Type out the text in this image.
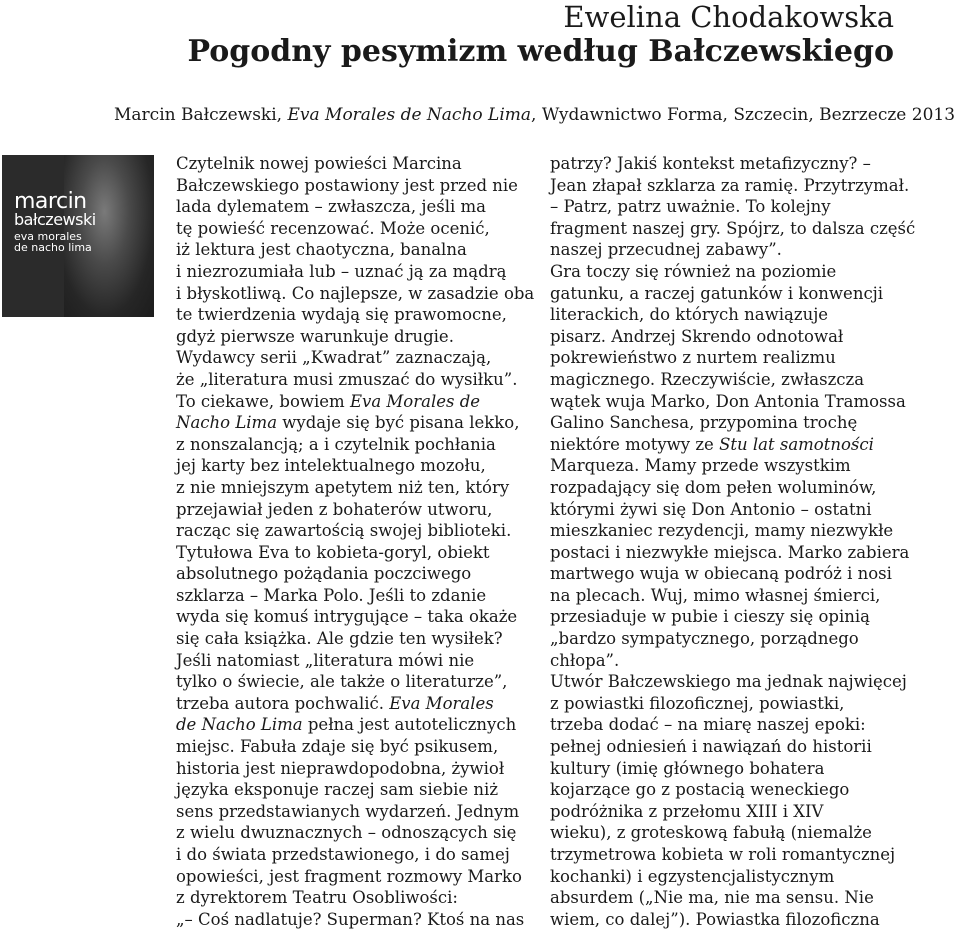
Ewelina Chodakowska
Pogodny pesymizm według Bałczewskiego

Marcin Bałczewski, Eva Morales de Nacho Lima, Wydawnictwo Forma, Szczecin, Bezrzecze 2013

marcin
bałczewski
eva morales
de nacho lima
Czytelnik nowej powieści Marcina
Bałczewskiego postawiony jest przed nie
lada dylematem – zwłaszcza, jeśli ma
tę powieść recenzować. Może ocenić,
iż lektura jest chaotyczna, banalna
i niezrozumiała lub – uznać ją za mądrą
i błyskotliwą. Co najlepsze, w zasadzie oba
te twierdzenia wydają się prawomocne,
gdyż pierwsze warunkuje drugie.
Wydawcy serii „Kwadrat” zaznaczają,
że „literatura musi zmuszać do wysiłku”.
To ciekawe, bowiem Eva Morales de
Nacho Lima wydaje się być pisana lekko,
z nonszalancją; a i czytelnik pochłania
jej karty bez intelektualnego mozołu,
z nie mniejszym apetytem niż ten, który
przejawiał jeden z bohaterów utworu,
racząc się zawartością swojej biblioteki.
Tytułowa Eva to kobieta-goryl, obiekt
absolutnego pożądania poczciwego
szklarza – Marka Polo. Jeśli to zdanie
wyda się komuś intrygujące – taka okaże
się cała książka. Ale gdzie ten wysiłek?
Jeśli natomiast „literatura mówi nie
tylko o świecie, ale także o literaturze”,
trzeba autora pochwalić. Eva Morales
de Nacho Lima pełna jest autotelicznych
miejsc. Fabuła zdaje się być psikusem,
historia jest nieprawdopodobna, żywioł
języka eksponuje raczej sam siebie niż
sens przedstawianych wydarzeń. Jednym
z wielu dwuznacznych – odnoszących się
i do świata przedstawionego, i do samej
opowieści, jest fragment rozmowy Marko
z dyrektorem Teatru Osobliwości:
„– Coś nadlatuje? Superman? Ktoś na nas
patrzy? Jakiś kontekst metafizyczny? –
Jean złapał szklarza za ramię. Przytrzymał.
– Patrz, patrz uważnie. To kolejny
fragment naszej gry. Spójrz, to dalsza część
naszej przecudnej zabawy”.
Gra toczy się również na poziomie
gatunku, a raczej gatunków i konwencji
literackich, do których nawiązuje
pisarz. Andrzej Skrendo odnotował
pokrewieństwo z nurtem realizmu
magicznego. Rzeczywiście, zwłaszcza
wątek wuja Marko, Don Antonia Tramossa
Galino Sanchesa, przypomina trochę
niektóre motywy ze Stu lat samotności
Marqueza. Mamy przede wszystkim
rozpadający się dom pełen woluminów,
którymi żywi się Don Antonio – ostatni
mieszkaniec rezydencji, mamy niezwykłe
postaci i niezwykłe miejsca. Marko zabiera
martwego wuja w obiecaną podróż i nosi
na plecach. Wuj, mimo własnej śmierci,
przesiaduje w pubie i cieszy się opinią
„bardzo sympatycznego, porządnego
chłopa”.
Utwór Bałczewskiego ma jednak najwięcej
z powiastki filozoficznej, powiastki,
trzeba dodać – na miarę naszej epoki:
pełnej odniesień i nawiązań do historii
kultury (imię głównego bohatera
kojarzące go z postacią weneckiego
podróżnika z przełomu XIII i XIV
wieku), z groteskową fabułą (niemalże
trzymetrowa kobieta w roli romantycznej
kochanki) i egzystencjalistycznym
absurdem („Nie ma, nie ma sensu. Nie
wiem, co dalej”). Powiastka filozoficzna
